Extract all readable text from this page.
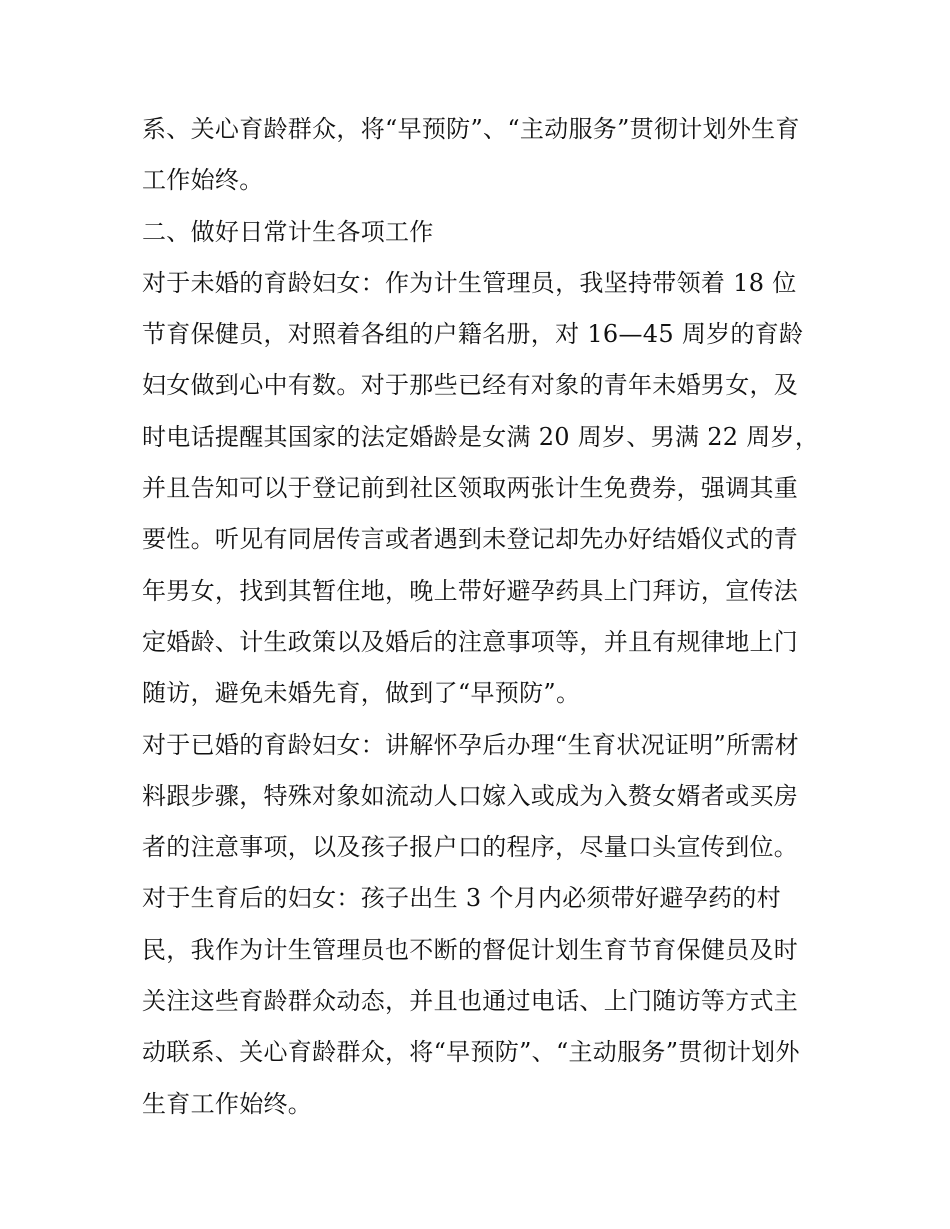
系、关心育龄群众，将“早预防”、“主动服务”贯彻计划外生育
工作始终。
二、做好日常计生各项工作
对于未婚的育龄妇女：作为计生管理员，我坚持带领着 18 位
节育保健员，对照着各组的户籍名册，对 16—45 周岁的育龄
妇女做到心中有数。对于那些已经有对象的青年未婚男女，及
时电话提醒其国家的法定婚龄是女满 20 周岁、男满 22 周岁，
并且告知可以于登记前到社区领取两张计生免费券，强调其重
要性。听见有同居传言或者遇到未登记却先办好结婚仪式的青
年男女，找到其暂住地，晚上带好避孕药具上门拜访，宣传法
定婚龄、计生政策以及婚后的注意事项等，并且有规律地上门
随访，避免未婚先育，做到了“早预防”。
对于已婚的育龄妇女：讲解怀孕后办理“生育状况证明”所需材
料跟步骤，特殊对象如流动人口嫁入或成为入赘女婿者或买房
者的注意事项，以及孩子报户口的程序，尽量口头宣传到位。
对于生育后的妇女：孩子出生 3 个月内必须带好避孕药的村
民，我作为计生管理员也不断的督促计划生育节育保健员及时
关注这些育龄群众动态，并且也通过电话、上门随访等方式主
动联系、关心育龄群众，将“早预防”、“主动服务”贯彻计划外
生育工作始终。
